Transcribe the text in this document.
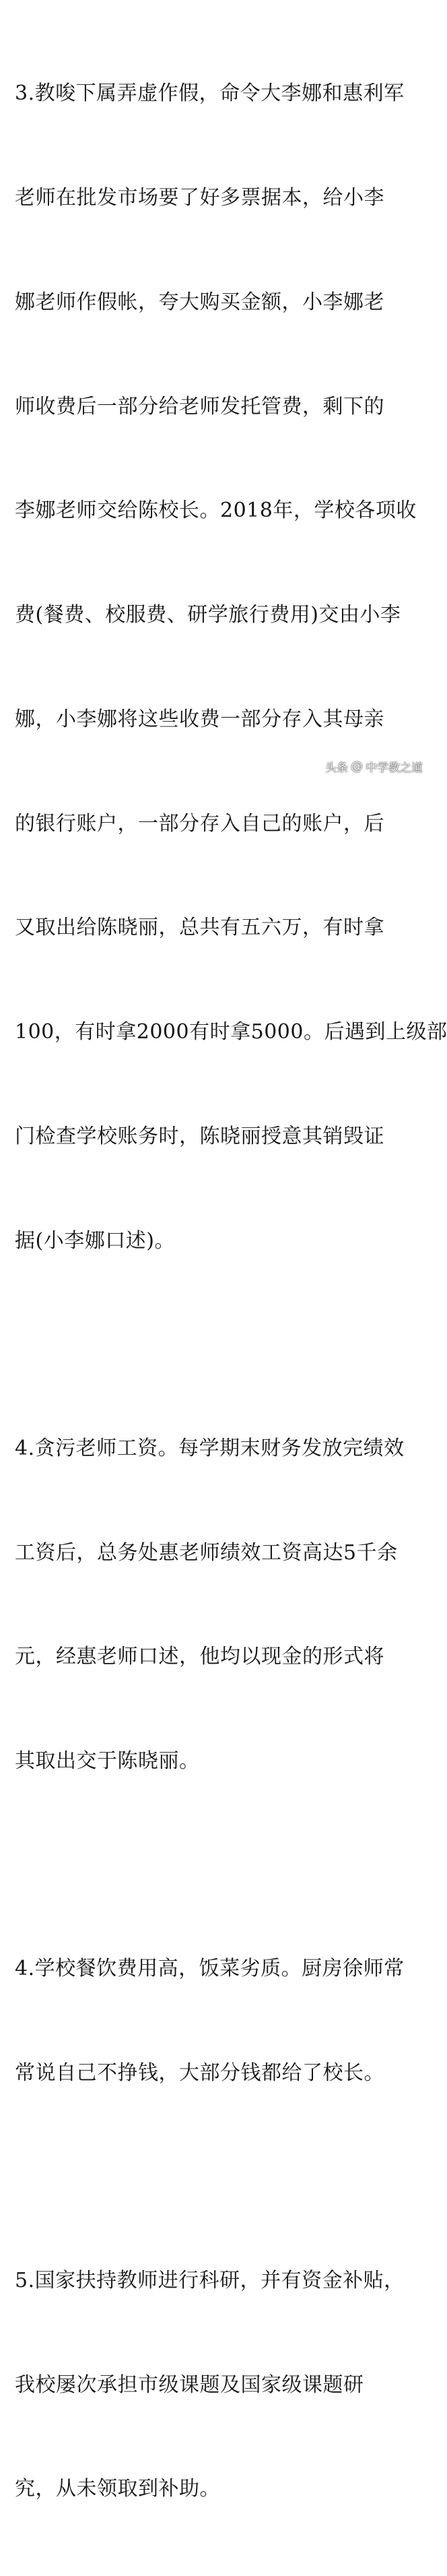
3.教唆下属弄虚作假，命令大李娜和惠利军

老师在批发市场要了好多票据本，给小李

娜老师作假帐，夸大购买金额，小李娜老

师收费后一部分给老师发托管费，剩下的

李娜老师交给陈校长。2018年，学校各项收

费(餐费、校服费、研学旅行费用)交由小李

娜，小李娜将这些收费一部分存入其母亲

的银行账户，一部分存入自己的账户，后

又取出给陈晓丽，总共有五六万，有时拿

100，有时拿2000有时拿5000。后遇到上级部

门检查学校账务时，陈晓丽授意其销毁证

据(小李娜口述)。

4.贪污老师工资。每学期末财务发放完绩效

工资后，总务处惠老师绩效工资高达5千余

元，经惠老师口述，他均以现金的形式将

其取出交于陈晓丽。

4.学校餐饮费用高，饭菜劣质。厨房徐师常

常说自己不挣钱，大部分钱都给了校长。

5.国家扶持教师进行科研，并有资金补贴，

我校屡次承担市级课题及国家级课题研

究，从未领取到补助。

头条 @ 中学教之道
